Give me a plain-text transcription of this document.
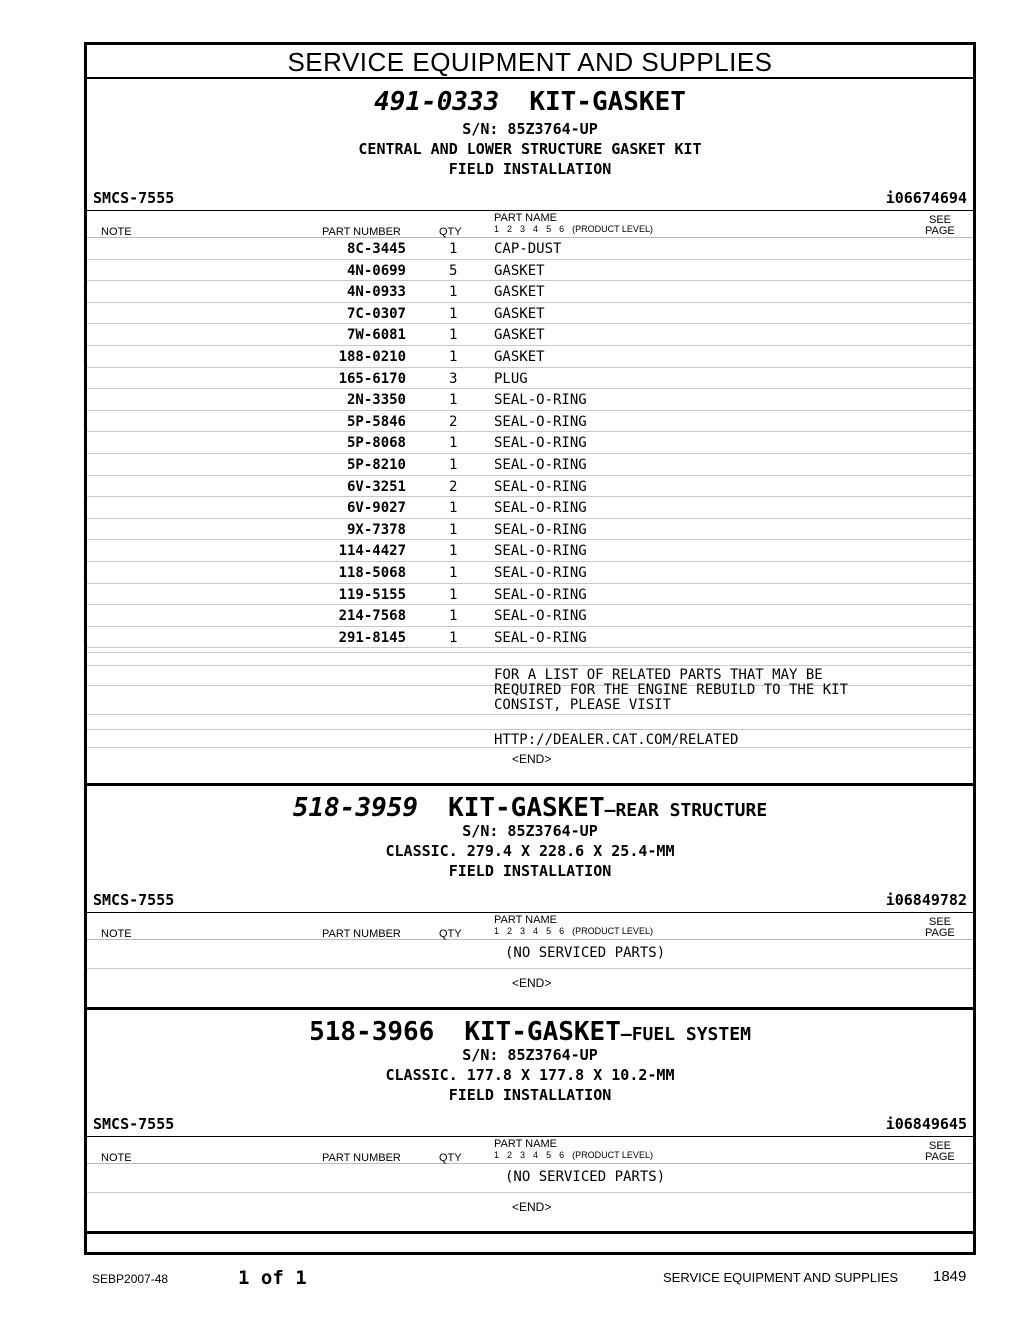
SERVICE EQUIPMENT AND SUPPLIES
491-0333 KIT-GASKET
S/N: 85Z3764-UP
CENTRAL AND LOWER STRUCTURE GASKET KIT
FIELD INSTALLATION
SMCS-7555	i06674694
NOTE	PART NUMBER	QTY
PART NAME
1 2 3 4 5 6 (PRODUCT LEVEL)
SEE
PAGE
8C-3445	1	CAP-DUST
4N-0699	5	GASKET
4N-0933	1	GASKET
7C-0307	1	GASKET
7W-6081	1	GASKET
188-0210	1	GASKET
165-6170	3	PLUG
2N-3350	1	SEAL-O-RING
5P-5846	2	SEAL-O-RING
5P-8068	1	SEAL-O-RING
5P-8210	1	SEAL-O-RING
6V-3251	2	SEAL-O-RING
6V-9027	1	SEAL-O-RING
9X-7378	1	SEAL-O-RING
114-4427	1	SEAL-O-RING
118-5068	1	SEAL-O-RING
119-5155	1	SEAL-O-RING
214-7568	1	SEAL-O-RING
291-8145	1	SEAL-O-RING
FOR A LIST OF RELATED PARTS THAT MAY BE
REQUIRED FOR THE ENGINE REBUILD TO THE KIT
CONSIST, PLEASE VISIT
HTTP://DEALER.CAT.COM/RELATED
<END>
518-3959 KIT-GASKET—REAR STRUCTURE
S/N: 85Z3764-UP
CLASSIC. 279.4 X 228.6 X 25.4-MM
FIELD INSTALLATION
SMCS-7555	i06849782
NOTE	PART NUMBER	QTY
PART NAME
1 2 3 4 5 6 (PRODUCT LEVEL)
SEE
PAGE
(NO SERVICED PARTS)
<END>
518-3966 KIT-GASKET—FUEL SYSTEM
S/N: 85Z3764-UP
CLASSIC. 177.8 X 177.8 X 10.2-MM
FIELD INSTALLATION
SMCS-7555	i06849645
NOTE	PART NUMBER	QTY
PART NAME
1 2 3 4 5 6 (PRODUCT LEVEL)
SEE
PAGE
(NO SERVICED PARTS)
<END>
SEBP2007-48	1 of 1	SERVICE EQUIPMENT AND SUPPLIES 1849
